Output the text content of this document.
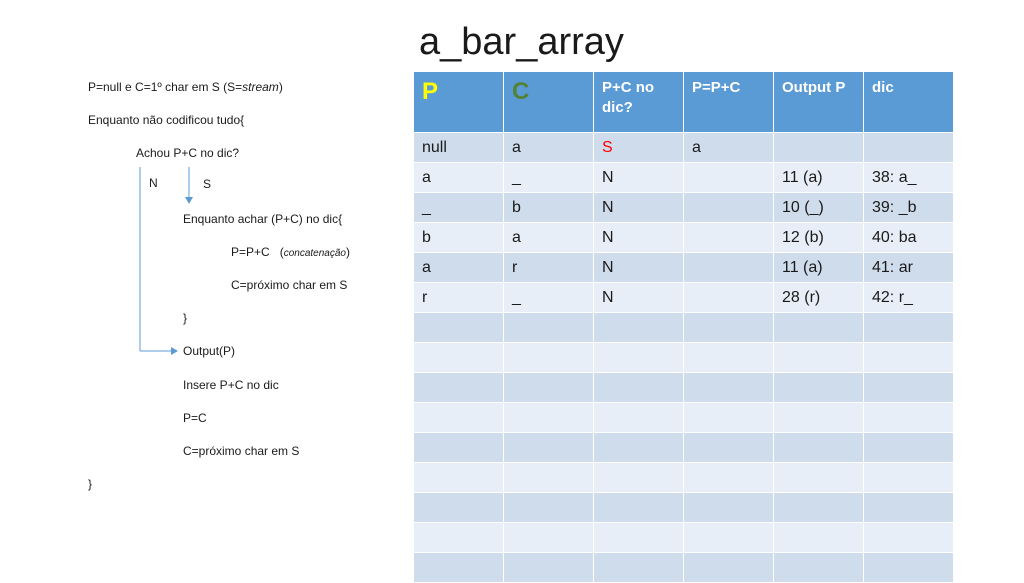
a_bar_array
P=null e C=1º char em S (S=stream)
Enquanto não codificou tudo{
Achou P+C no dic?
N	S
Enquanto achar (P+C) no dic{
P=P+C   (concatenação)
C=próximo char em S
}
Output(P)
Insere P+C no dic
P=C
C=próximo char em S
}
P	C	P+C no dic?	P=P+C	Output P	dic
null	a	S	a		
a	_	N		11 (a)	38: a_
_	b	N		10 (_)	39: _b
b	a	N		12 (b)	40: ba
a	r	N		11 (a)	41: ar
r	_	N		28 (r)	42: r_
